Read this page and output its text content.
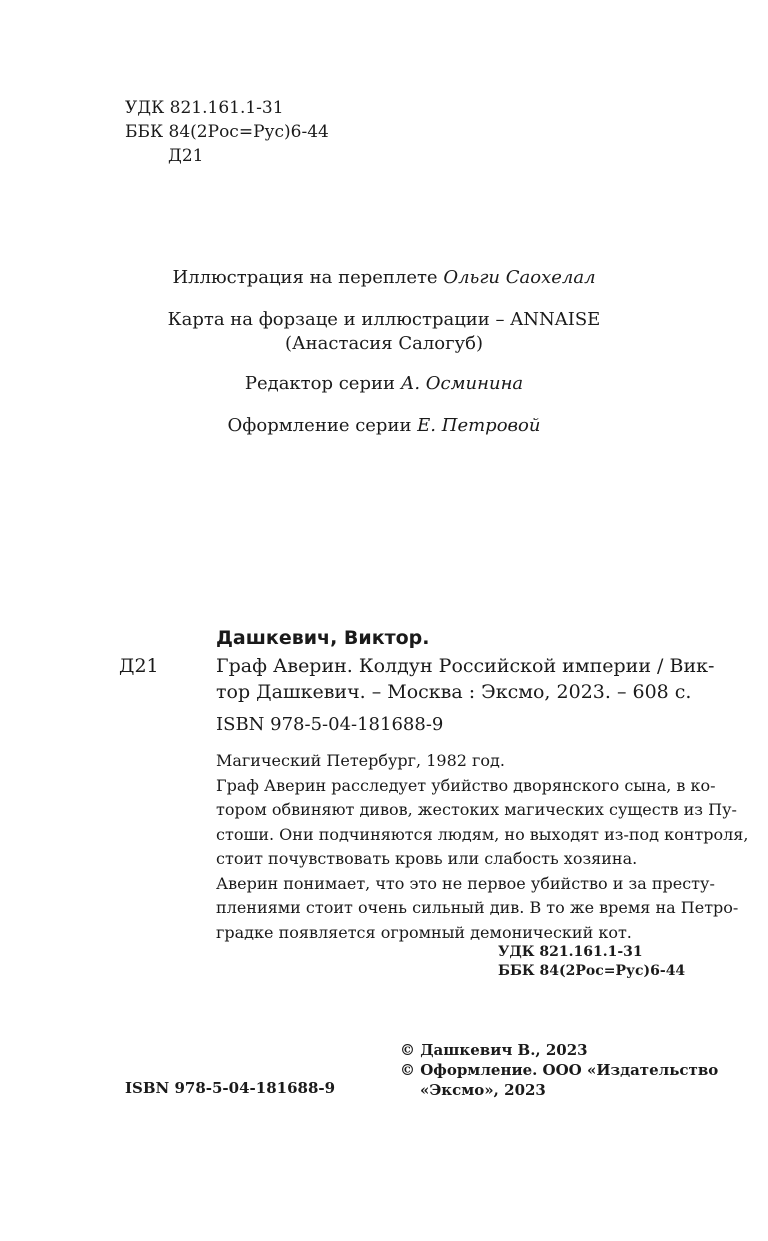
УДК 821.161.1-31
ББК 84(2Рос=Рус)6-44
Д21

Иллюстрация на переплете Ольги Саохелал

Карта на форзаце и иллюстрации – ANNAISE
(Анастасия Салогуб)

Редактор серии А. Осминина

Оформление серии Е. Петровой

Дашкевич, Виктор.
Д21	Граф Аверин. Колдун Российской империи / Вик-
тор Дашкевич. – Москва : Эксмо, 2023. – 608 с.
ISBN 978-5-04-181688-9
Магический Петербург, 1982 год.
Граф Аверин расследует убийство дворянского сына, в ко-
тором обвиняют дивов, жестоких магических существ из Пу-
стоши. Они подчиняются людям, но выходят из-под контроля,
стоит почувствовать кровь или слабость хозяина.
Аверин понимает, что это не первое убийство и за престу-
плениями стоит очень сильный див. В то же время на Петро-
градке появляется огромный демонический кот.
УДК 821.161.1-31
ББК 84(2Рос=Рус)6-44
© Дашкевич В., 2023
© Оформление. ООО «Издательство
«Эксмо», 2023
ISBN 978-5-04-181688-9
